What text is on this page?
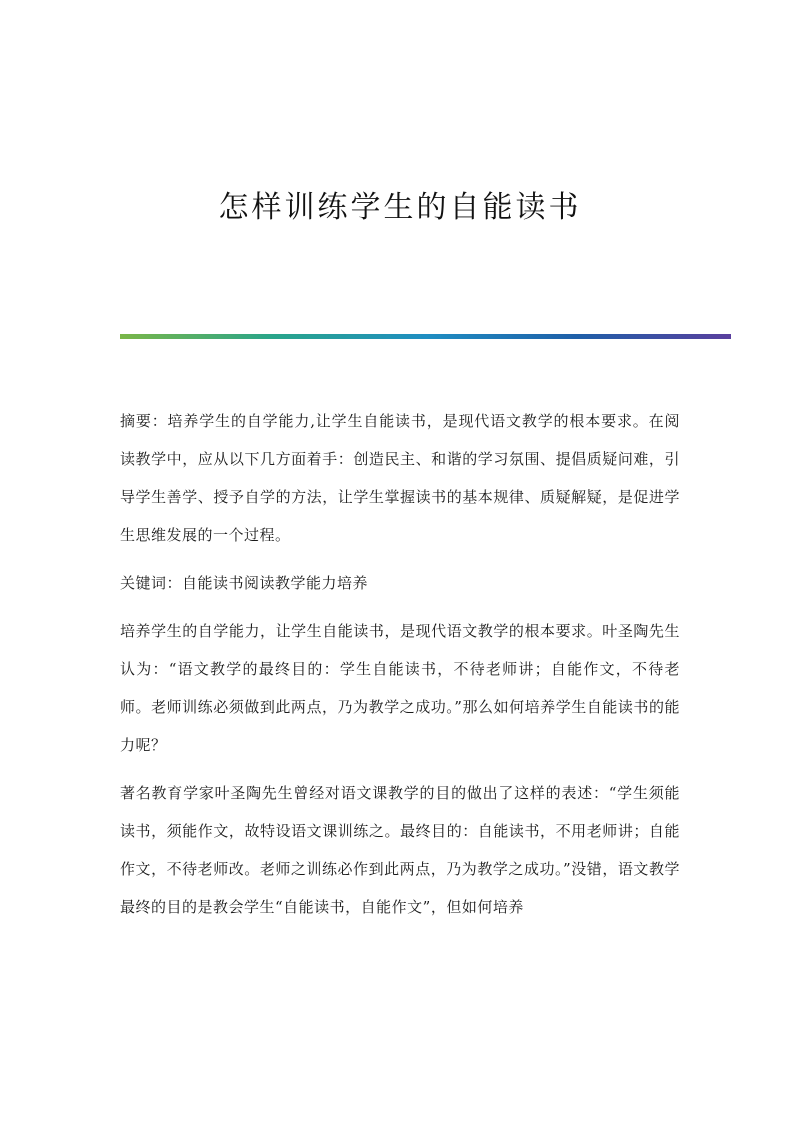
怎样训练学生的自能读书

摘要：培养学生的自学能力,让学生自能读书，是现代语文教学的根本要求。在阅读教学中，应从以下几方面着手：创造民主、和谐的学习氛围、提倡质疑问难，引导学生善学、授予自学的方法，让学生掌握读书的基本规律、质疑解疑，是促进学生思维发展的一个过程。

关键词：自能读书阅读教学能力培养

培养学生的自学能力，让学生自能读书，是现代语文教学的根本要求。叶圣陶先生认为：“语文教学的最终目的：学生自能读书，不待老师讲；自能作文，不待老师。老师训练必须做到此两点，乃为教学之成功。”那么如何培养学生自能读书的能力呢？

著名教育学家叶圣陶先生曾经对语文课教学的目的做出了这样的表述：“学生须能读书，须能作文，故特设语文课训练之。最终目的：自能读书，不用老师讲；自能作文，不待老师改。老师之训练必作到此两点，乃为教学之成功。”没错，语文教学最终的目的是教会学生“自能读书，自能作文”，但如何培养
